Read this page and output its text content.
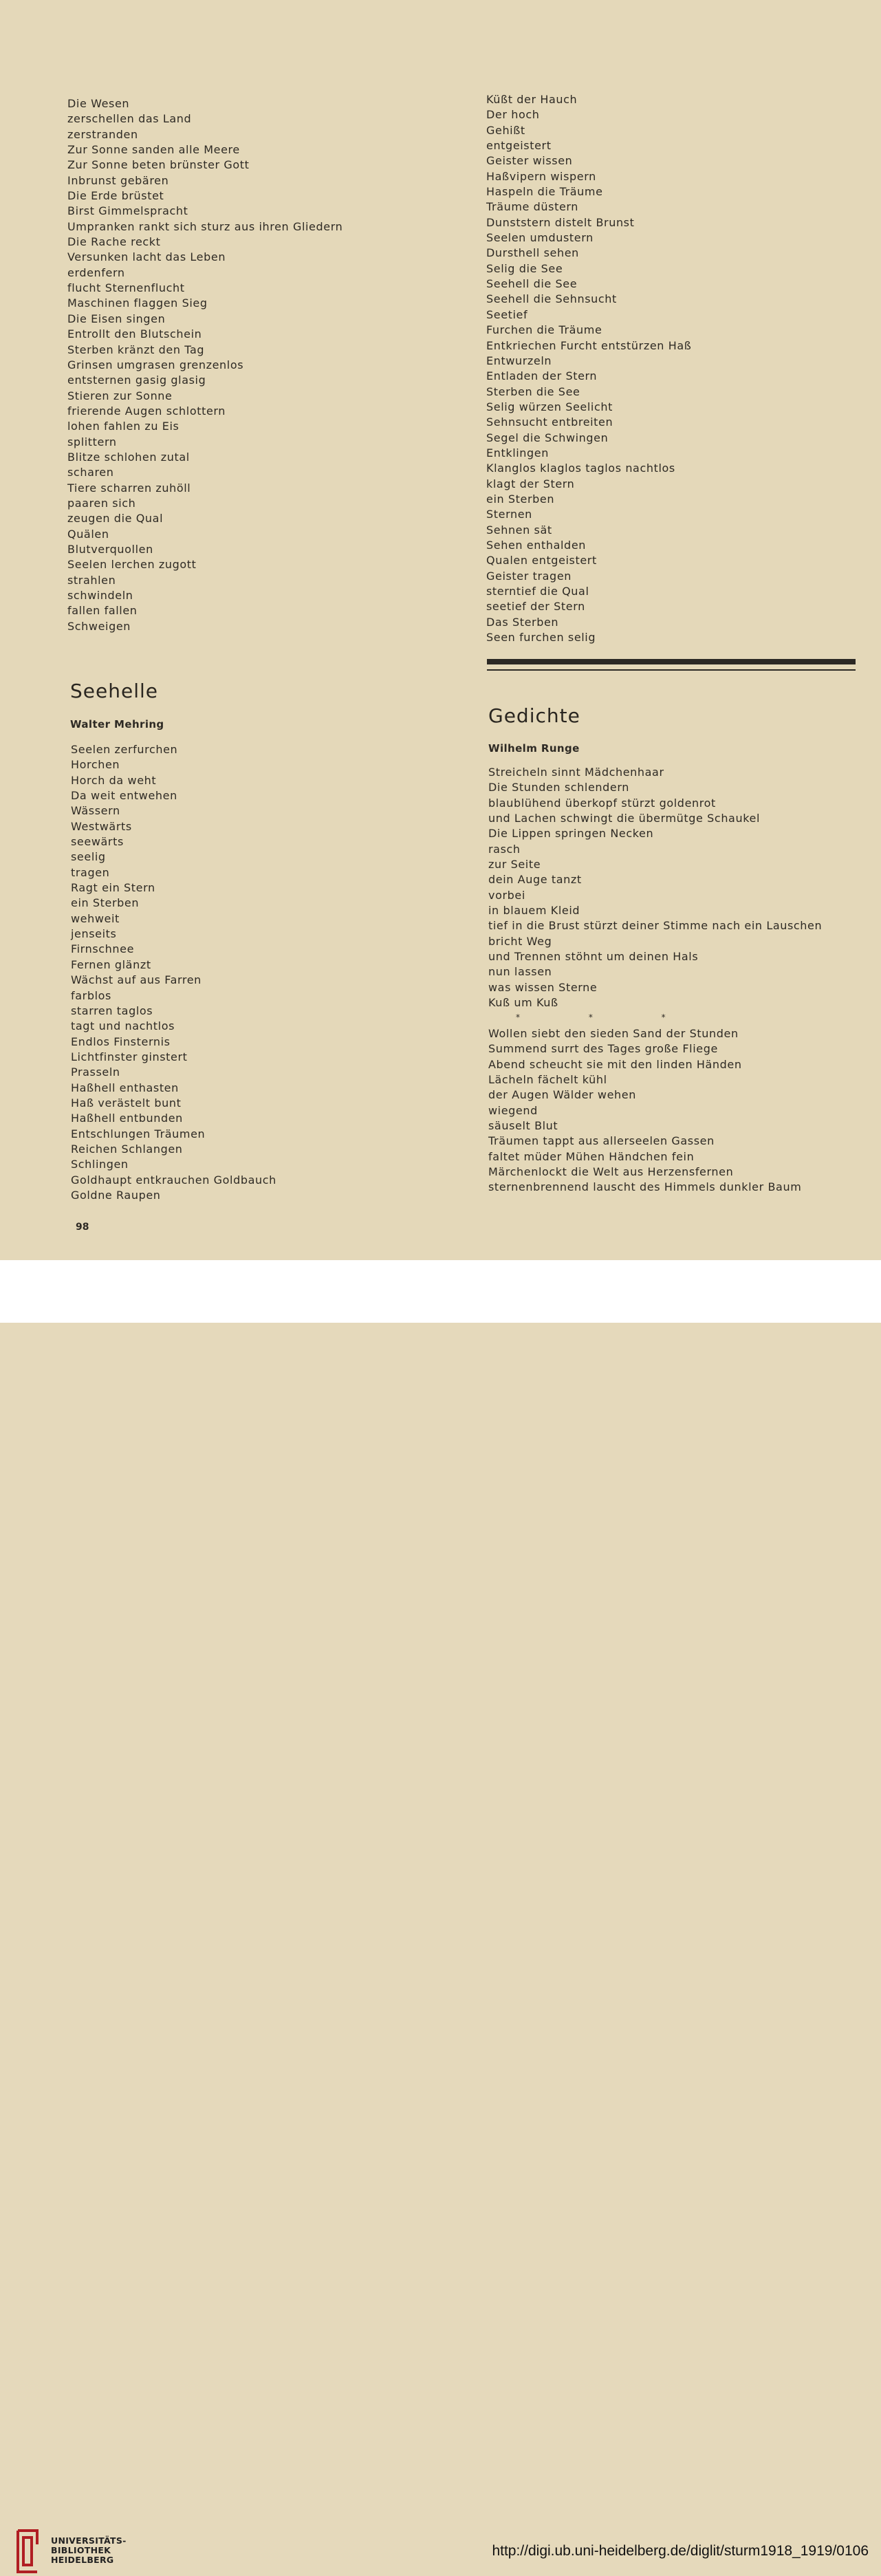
Die Wesen
zerschellen das Land
zerstranden
Zur Sonne sanden alle Meere
Zur Sonne beten brünster Gott
Inbrunst gebären
Die Erde brüstet
Birst Gimmelspracht
Umpranken rankt sich sturz aus ihren Gliedern
Die Rache reckt
Versunken lacht das Leben
erdenfern
flucht Sternenflucht
Maschinen flaggen Sieg
Die Eisen singen
Entrollt den Blutschein
Sterben kränzt den Tag
Grinsen umgrasen grenzenlos
entsternen gasig glasig
Stieren zur Sonne
frierende Augen schlottern
lohen fahlen zu Eis
splittern
Blitze schlohen zutal
scharen
Tiere scharren zuhöll
paaren sich
zeugen die Qual
Quälen
Blutverquollen
Seelen lerchen zugott
strahlen
schwindeln
fallen fallen
Schweigen
Küßt der Hauch
Der hoch
Gehißt
entgeistert
Geister wissen
Haßvipern wispern
Haspeln die Träume
Träume düstern
Dunststern distelt Brunst
Seelen umdustern
Dursthell sehen
Selig die See
Seehell die See
Seehell die Sehnsucht
Seetief
Furchen die Träume
Entkriechen Furcht entstürzen Haß
Entwurzeln
Entladen der Stern
Sterben die See
Selig würzen Seelicht
Sehnsucht entbreiten
Segel die Schwingen
Entklingen
Klanglos klaglos taglos nachtlos
klagt der Stern
ein Sterben
Sternen
Sehnen sät
Sehen enthalden
Qualen entgeistert
Geister tragen
sterntief die Qual
seetief der Stern
Das Sterben
Seen furchen selig
Seehelle
Walter Mehring
Seelen zerfurchen
Horchen
Horch da weht
Da weit entwehen
Wässern
Westwärts
seewärts
seelig
tragen
Ragt ein Stern
ein Sterben
wehweit
jenseits
Firnschnee
Fernen glänzt
Wächst auf aus Farren
farblos
starren taglos
tagt und nachtlos
Endlos Finsternis
Lichtfinster ginstert
Prasseln
Haßhell enthasten
Haß verästelt bunt
Haßhell entbunden
Entschlungen Träumen
Reichen Schlangen
Schlingen
Goldhaupt entkrauchen Goldbauch
Goldne Raupen
Gedichte
Wilhelm Runge
Streicheln sinnt Mädchenhaar
Die Stunden schlendern
blaublühend überkopf stürzt goldenrot
und Lachen schwingt die übermütge Schaukel
Die Lippen springen Necken
rasch
zur Seite
dein Auge tanzt
vorbei
in blauem Kleid
tief in die Brust stürzt deiner Stimme nach ein Lauschen
bricht Weg
und Trennen stöhnt um deinen Hals
nun lassen
was wissen Sterne
Kuß um Kuß
Wollen siebt den sieden Sand der Stunden
Summend surrt des Tages große Fliege
Abend scheucht sie mit den linden Händen
Lächeln fächelt kühl
der Augen Wälder wehen
wiegend
säuselt Blut
Träumen tappt aus allerseelen Gassen
faltet müder Mühen Händchen fein
Märchenlockt die Welt aus Herzensfernen
sternenbrennend lauscht des Himmels dunkler Baum
* * *
98
UNIVERSITÄTS-
BIBLIOTHEK
HEIDELBERG
http://digi.ub.uni-heidelberg.de/diglit/sturm1918_1919/0106
